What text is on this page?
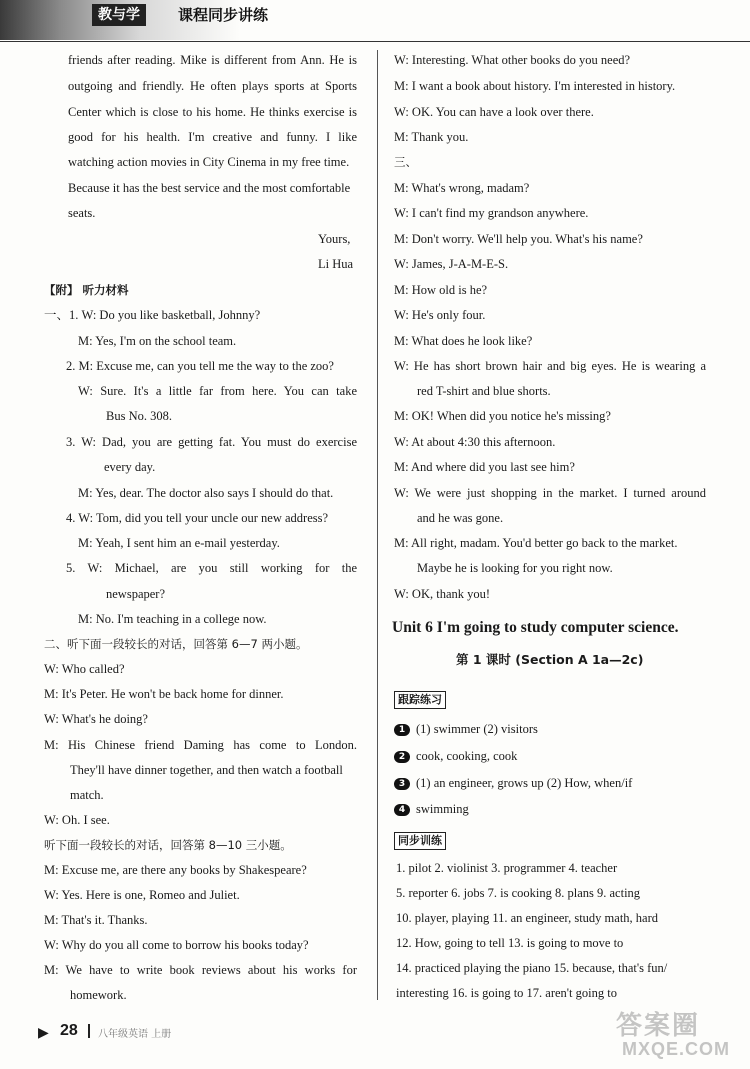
教与学	课程同步讲练
friends after reading. Mike is different from Ann. He is
outgoing and friendly. He often plays sports at Sports
Center which is close to his home. He thinks exercise is
good for his health. I'm creative and funny. I like
watching action movies in City Cinema in my free time.
Because it has the best service and the most comfortable
seats.
Yours,
Li Hua
【附】 听力材料
一、1. W: Do you like basketball, Johnny?
M: Yes, I'm on the school team.
2. M: Excuse me, can you tell me the way to the zoo?
W: Sure. It's a little far from here. You can take
Bus No. 308.
3. W: Dad, you are getting fat. You must do exercise
every day.
M: Yes, dear. The doctor also says I should do that.
4. W: Tom, did you tell your uncle our new address?
M: Yeah, I sent him an e-mail yesterday.
5. W: Michael, are you still working for the
newspaper?
M: No. I'm teaching in a college now.
二、听下面一段较长的对话，回答第 6—7 两小题。
W: Who called?
M: It's Peter. He won't be back home for dinner.
W: What's he doing?
M: His Chinese friend Daming has come to London.
They'll have dinner together, and then watch a football
match.
W: Oh. I see.
听下面一段较长的对话，回答第 8—10 三小题。
M: Excuse me, are there any books by Shakespeare?
W: Yes. Here is one, Romeo and Juliet.
M: That's it. Thanks.
W: Why do you all come to borrow his books today?
M: We have to write book reviews about his works for
homework.
W: Interesting. What other books do you need?
M: I want a book about history. I'm interested in history.
W: OK. You can have a look over there.
M: Thank you.
三、
M: What's wrong, madam?
W: I can't find my grandson anywhere.
M: Don't worry. We'll help you. What's his name?
W: James, J-A-M-E-S.
M: How old is he?
W: He's only four.
M: What does he look like?
W: He has short brown hair and big eyes. He is wearing a
red T-shirt and blue shorts.
M: OK! When did you notice he's missing?
W: At about 4:30 this afternoon.
M: And where did you last see him?
W: We were just shopping in the market. I turned around
and he was gone.
M: All right, madam. You'd better go back to the market.
Maybe he is looking for you right now.
W: OK, thank you!
Unit 6 I'm going to study computer science.
第 1 课时 (Section A 1a—2c)
跟踪练习
1 (1) swimmer (2) visitors
2 cook, cooking, cook
3 (1) an engineer, grows up (2) How, when/if
4 swimming
同步训练
1. pilot 2. violinist 3. programmer 4. teacher
5. reporter 6. jobs 7. is cooking 8. plans 9. acting
10. player, playing 11. an engineer, study math, hard
12. How, going to tell 13. is going to move to
14. practiced playing the piano 15. because, that's fun/
interesting 16. is going to 17. aren't going to
▶ 28 八年级英语 上册	答案圈
MXQE.COM
